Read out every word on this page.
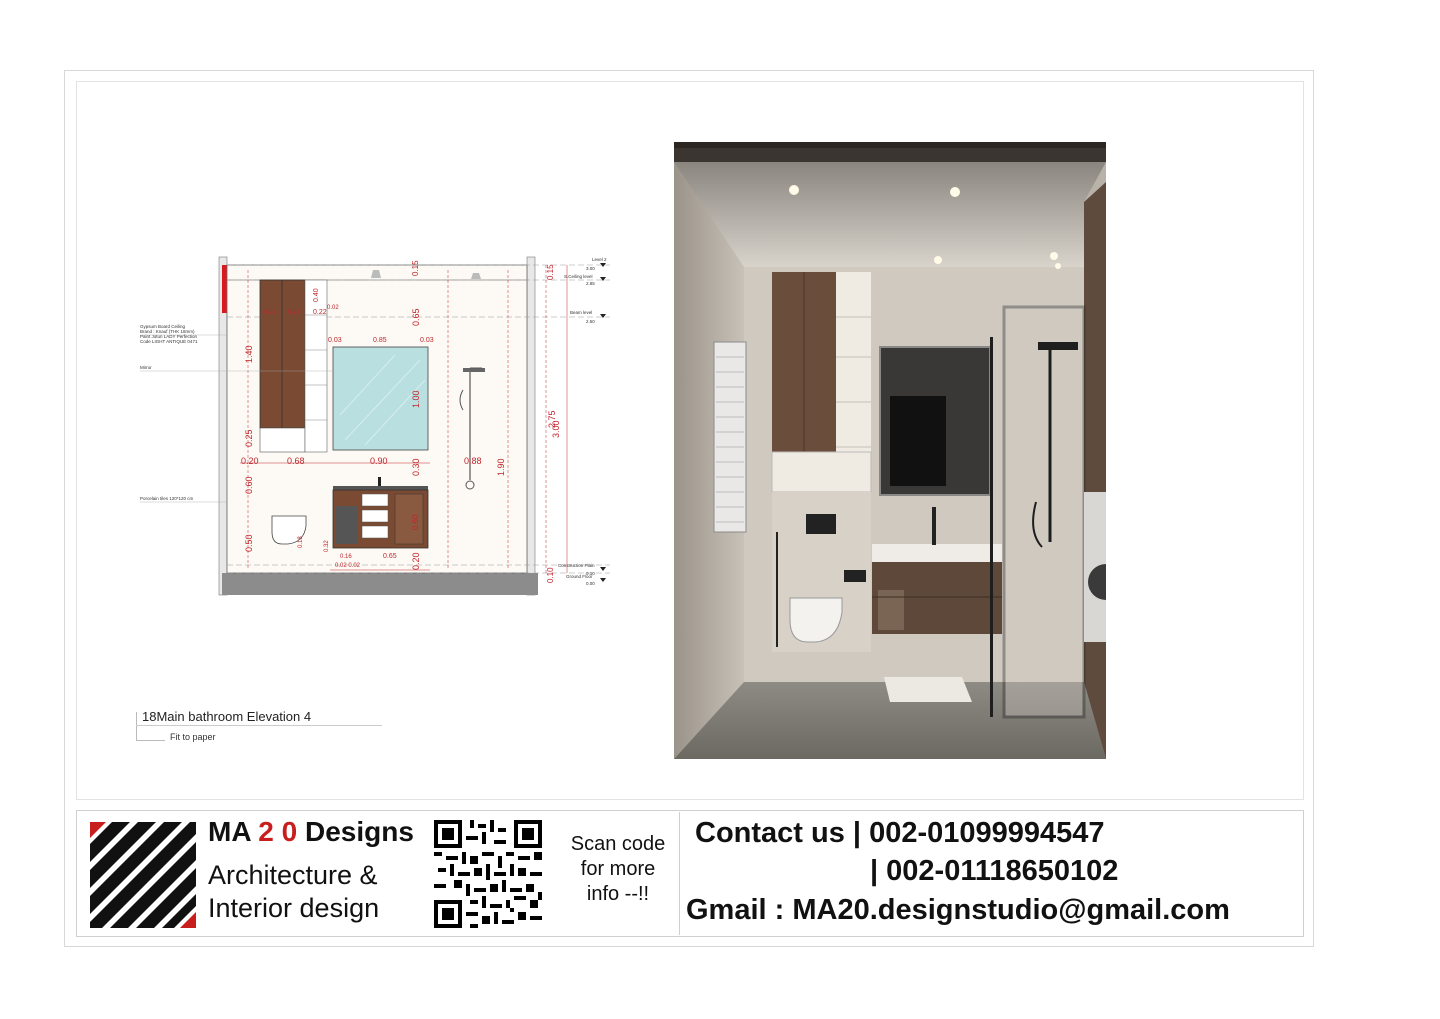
0.15	0.15
0.65
3.00
2.75
1.90
0.10
1.40
0.25
0.20	0.68
0.60
0.50
0.90	0.30	0.88
1.00
0.85
0.03	0.03
0.40
0.22
0.02
0.21 0.21
0.60
0.20
0.65
0.16
0.02 0.02
0.32
0.18
Gypsum Board Ceiling
Brand : Knauf (THK 18mm)
Paint Jotun LADY Perfection
Code LIGHT ANTIQUE 0471
Mirror
Porcelain tiles 120*120 cm
Level 2
3.00
S.Ceiling level
2.85
Beam level
2.50
Construction Plain
0.10
Ground Floor
0.00
18Main bathroom Elevation 4
Fit to paper
MA 2 0 Designs
Architecture &
Interior design
Scan code
for more
info --!!
Contact us | 002-01099994547
| 002-01118650102
Gmail : MA20.designstudio@gmail.com
